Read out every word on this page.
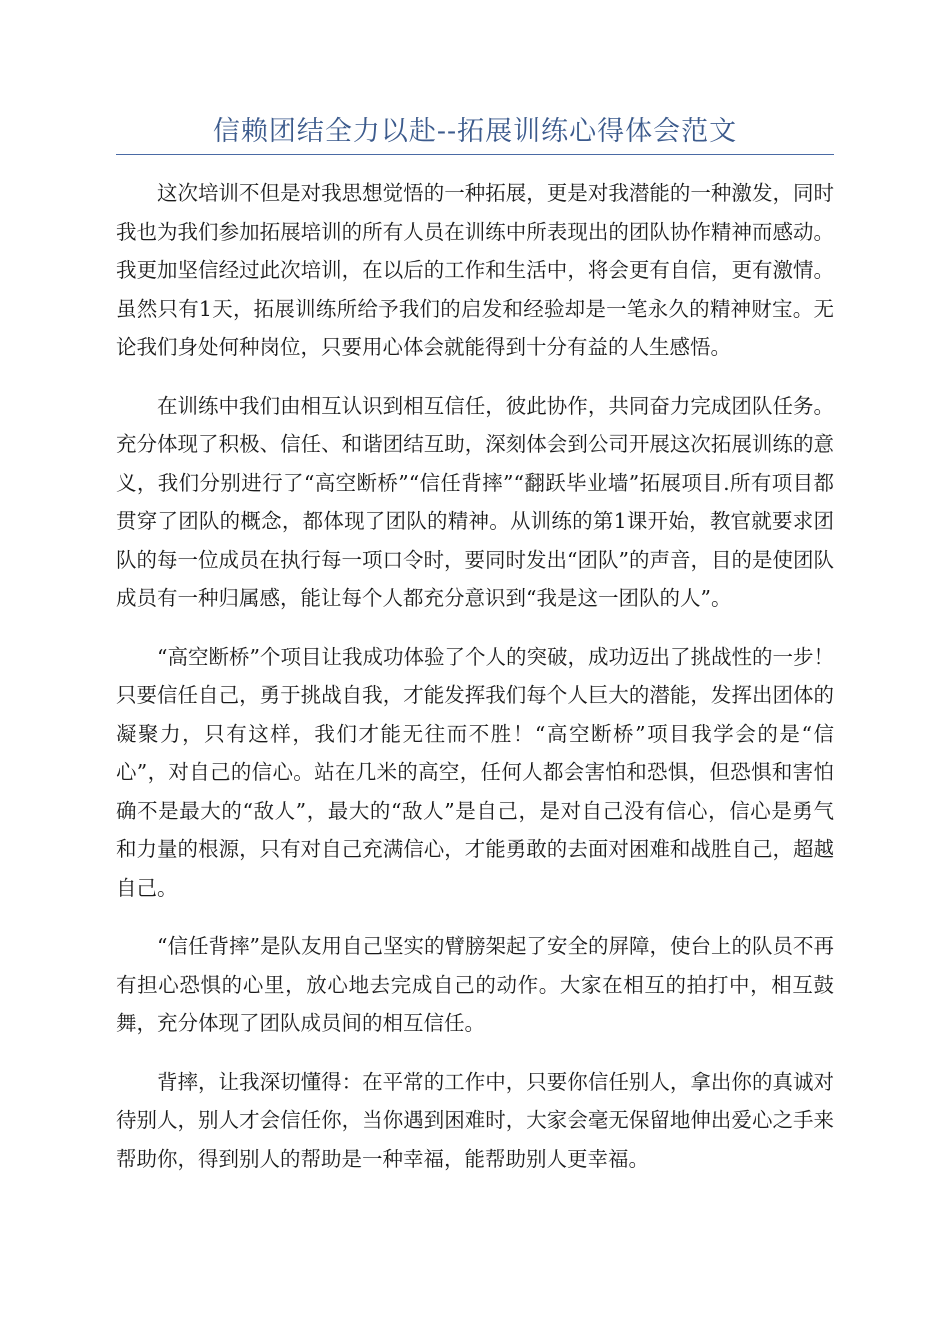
信赖团结全力以赴--拓展训练心得体会范文

这次培训不但是对我思想觉悟的一种拓展，更是对我潜能的一种激发，同时我也为我们参加拓展培训的所有人员在训练中所表现出的团队协作精神而感动。我更加坚信经过此次培训，在以后的工作和生活中，将会更有自信，更有激情。虽然只有1天，拓展训练所给予我们的启发和经验却是一笔永久的精神财宝。无论我们身处何种岗位，只要用心体会就能得到十分有益的人生感悟。

在训练中我们由相互认识到相互信任，彼此协作，共同奋力完成团队任务。充分体现了积极、信任、和谐团结互助，深刻体会到公司开展这次拓展训练的意义，我们分别进行了“高空断桥”“信任背摔”“翻跃毕业墙”拓展项目.所有项目都贯穿了团队的概念，都体现了团队的精神。从训练的第1课开始，教官就要求团队的每一位成员在执行每一项口令时，要同时发出“团队”的声音，目的是使团队成员有一种归属感，能让每个人都充分意识到“我是这一团队的人”。

“高空断桥”个项目让我成功体验了个人的突破，成功迈出了挑战性的一步！只要信任自己，勇于挑战自我，才能发挥我们每个人巨大的潜能，发挥出团体的凝聚力，只有这样，我们才能无往而不胜！“高空断桥”项目我学会的是“信心”，对自己的信心。站在几米的高空，任何人都会害怕和恐惧，但恐惧和害怕确不是最大的“敌人”，最大的“敌人”是自己，是对自己没有信心，信心是勇气和力量的根源，只有对自己充满信心，才能勇敢的去面对困难和战胜自己，超越自己。

“信任背摔”是队友用自己坚实的臂膀架起了安全的屏障，使台上的队员不再有担心恐惧的心里，放心地去完成自己的动作。大家在相互的拍打中，相互鼓舞，充分体现了团队成员间的相互信任。

背摔，让我深切懂得：在平常的工作中，只要你信任别人，拿出你的真诚对待别人，别人才会信任你，当你遇到困难时，大家会毫无保留地伸出爱心之手来帮助你，得到别人的帮助是一种幸福，能帮助别人更幸福。
